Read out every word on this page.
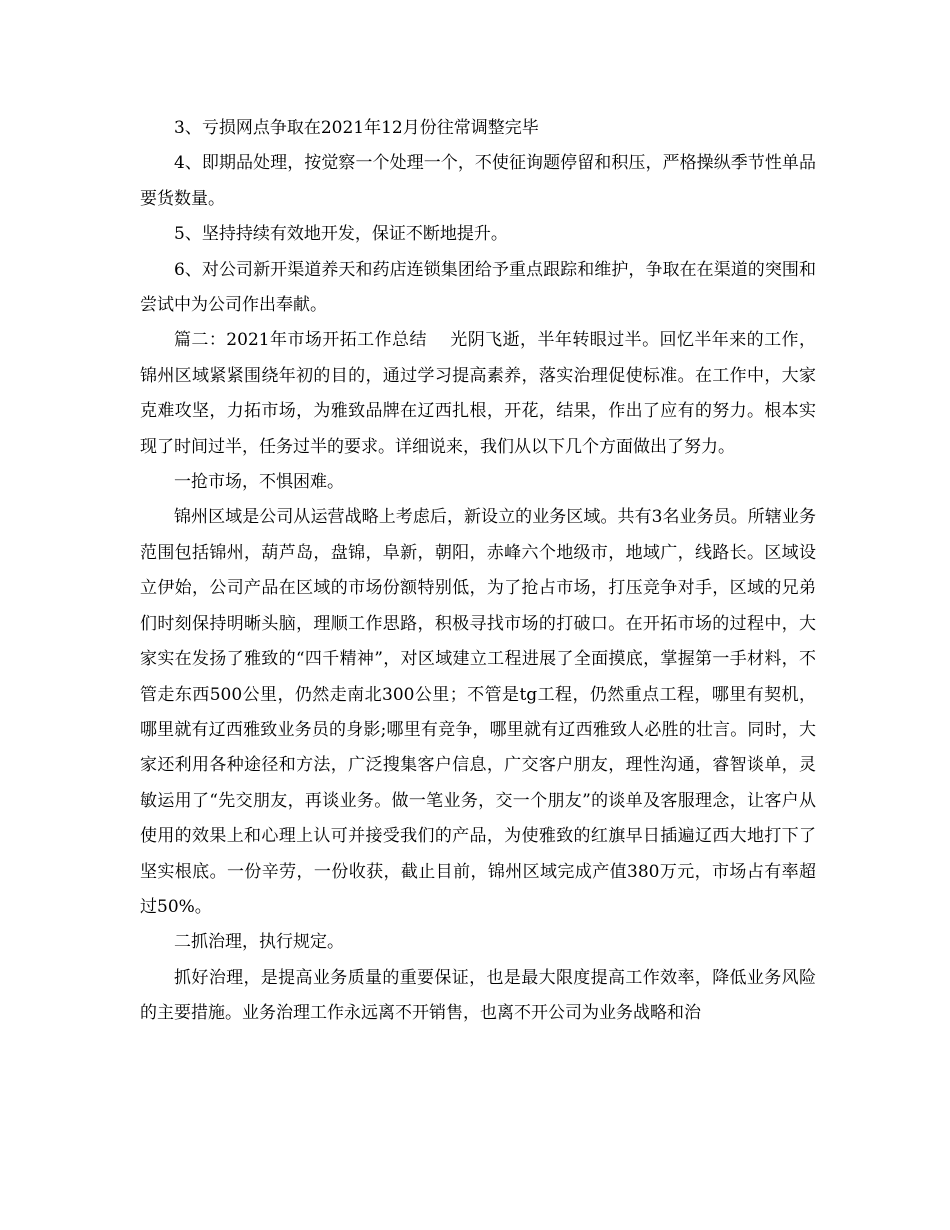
3、亏损网点争取在2021年12月份往常调整完毕

4、即期品处理，按觉察一个处理一个，不使征询题停留和积压，严格操纵季节性单品要货数量。

5、坚持持续有效地开发，保证不断地提升。

6、对公司新开渠道养天和药店连锁集团给予重点跟踪和维护，争取在在渠道的突围和尝试中为公司作出奉献。

篇二：2021年市场开拓工作总结    光阴飞逝，半年转眼过半。回忆半年来的工作，锦州区域紧紧围绕年初的目的，通过学习提高素养，落实治理促使标准。在工作中，大家克难攻坚，力拓市场，为雅致品牌在辽西扎根，开花，结果，作出了应有的努力。根本实现了时间过半，任务过半的要求。详细说来，我们从以下几个方面做出了努力。

一抢市场，不惧困难。

锦州区域是公司从运营战略上考虑后，新设立的业务区域。共有3名业务员。所辖业务范围包括锦州，葫芦岛，盘锦，阜新，朝阳，赤峰六个地级市，地域广，线路长。区域设立伊始，公司产品在区域的市场份额特别低，为了抢占市场，打压竞争对手，区域的兄弟们时刻保持明晰头脑，理顺工作思路，积极寻找市场的打破口。在开拓市场的过程中，大家实在发扬了雅致的“四千精神”，对区域建立工程进展了全面摸底，掌握第一手材料，不管走东西500公里，仍然走南北300公里；不管是tg工程，仍然重点工程，哪里有契机，哪里就有辽西雅致业务员的身影;哪里有竞争，哪里就有辽西雅致人必胜的壮言。同时，大家还利用各种途径和方法，广泛搜集客户信息，广交客户朋友，理性沟通，睿智谈单，灵敏运用了“先交朋友，再谈业务。做一笔业务，交一个朋友”的谈单及客服理念，让客户从使用的效果上和心理上认可并接受我们的产品，为使雅致的红旗早日插遍辽西大地打下了坚实根底。一份辛劳，一份收获，截止目前，锦州区域完成产值380万元，市场占有率超过50%。

二抓治理，执行规定。

抓好治理，是提高业务质量的重要保证，也是最大限度提高工作效率，降低业务风险的主要措施。业务治理工作永远离不开销售，也离不开公司为业务战略和治
